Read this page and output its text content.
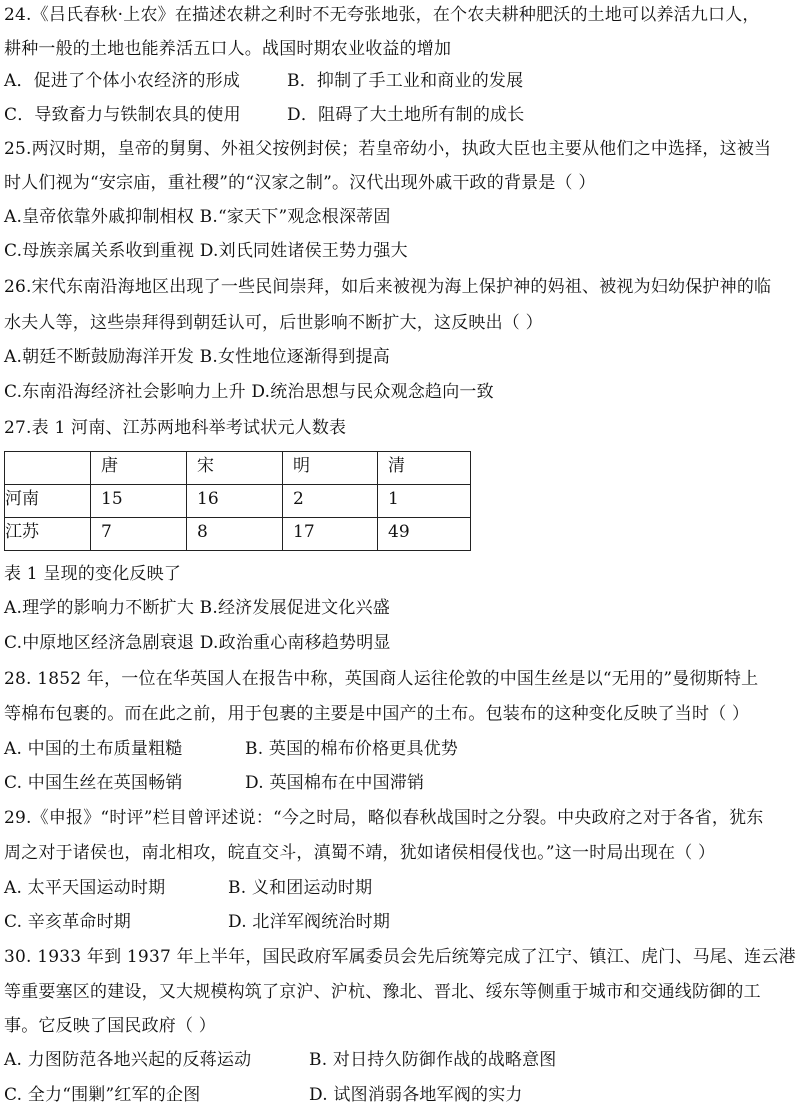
24.《吕氏春秋·上农》在描述农耕之利时不无夸张地张，在个农夫耕种肥沃的土地可以养活九口人，
耕种一般的土地也能养活五口人。战国时期农业收益的增加
A．促进了个体小农经济的形成	B．抑制了手工业和商业的发展
C．导致畜力与铁制农具的使用	D．阻碍了大土地所有制的成长
25.两汉时期，皇帝的舅舅、外祖父按例封侯；若皇帝幼小，执政大臣也主要从他们之中选择，这被当
时人们视为“安宗庙，重社稷”的“汉家之制”。汉代出现外戚干政的背景是（ ）
A.皇帝依靠外戚抑制相权 B.“家天下”观念根深蒂固
C.母族亲属关系收到重视 D.刘氏同姓诸侯王势力强大
26.宋代东南沿海地区出现了一些民间崇拜，如后来被视为海上保护神的妈祖、被视为妇幼保护神的临
水夫人等，这些崇拜得到朝廷认可，后世影响不断扩大，这反映出（ ）
A.朝廷不断鼓励海洋开发 B.女性地位逐渐得到提高
C.东南沿海经济社会影响力上升 D.统治思想与民众观念趋向一致
27.表 1 河南、江苏两地科举考试状元人数表
	唐	宋	明	清
河南	15	16	2	1
江苏	7	8	17	49
表 1 呈现的变化反映了
A.理学的影响力不断扩大 B.经济发展促进文化兴盛
C.中原地区经济急剧衰退 D.政治重心南移趋势明显
28. 1852 年，一位在华英国人在报告中称，英国商人运往伦敦的中国生丝是以“无用的”曼彻斯特上
等棉布包裹的。而在此之前，用于包裹的主要是中国产的土布。包装布的这种变化反映了当时（ ）
A. 中国的土布质量粗糙	B. 英国的棉布价格更具优势
C. 中国生丝在英国畅销	D. 英国棉布在中国滞销
29.《申报》“时评”栏目曾评述说：“今之时局，略似春秋战国时之分裂。中央政府之对于各省，犹东
周之对于诸侯也，南北相攻，皖直交斗，滇蜀不靖，犹如诸侯相侵伐也。”这一时局出现在（ ）
A. 太平天国运动时期	B. 义和团运动时期
C. 辛亥革命时期	D. 北洋军阀统治时期
30. 1933 年到 1937 年上半年，国民政府军属委员会先后统筹完成了江宁、镇江、虎门、马尾、连云港
等重要塞区的建设，又大规模构筑了京沪、沪杭、豫北、晋北、绥东等侧重于城市和交通线防御的工
事。它反映了国民政府（ ）
A. 力图防范各地兴起的反蒋运动	B. 对日持久防御作战的战略意图
C. 全力“围剿”红军的企图	D. 试图消弱各地军阀的实力
